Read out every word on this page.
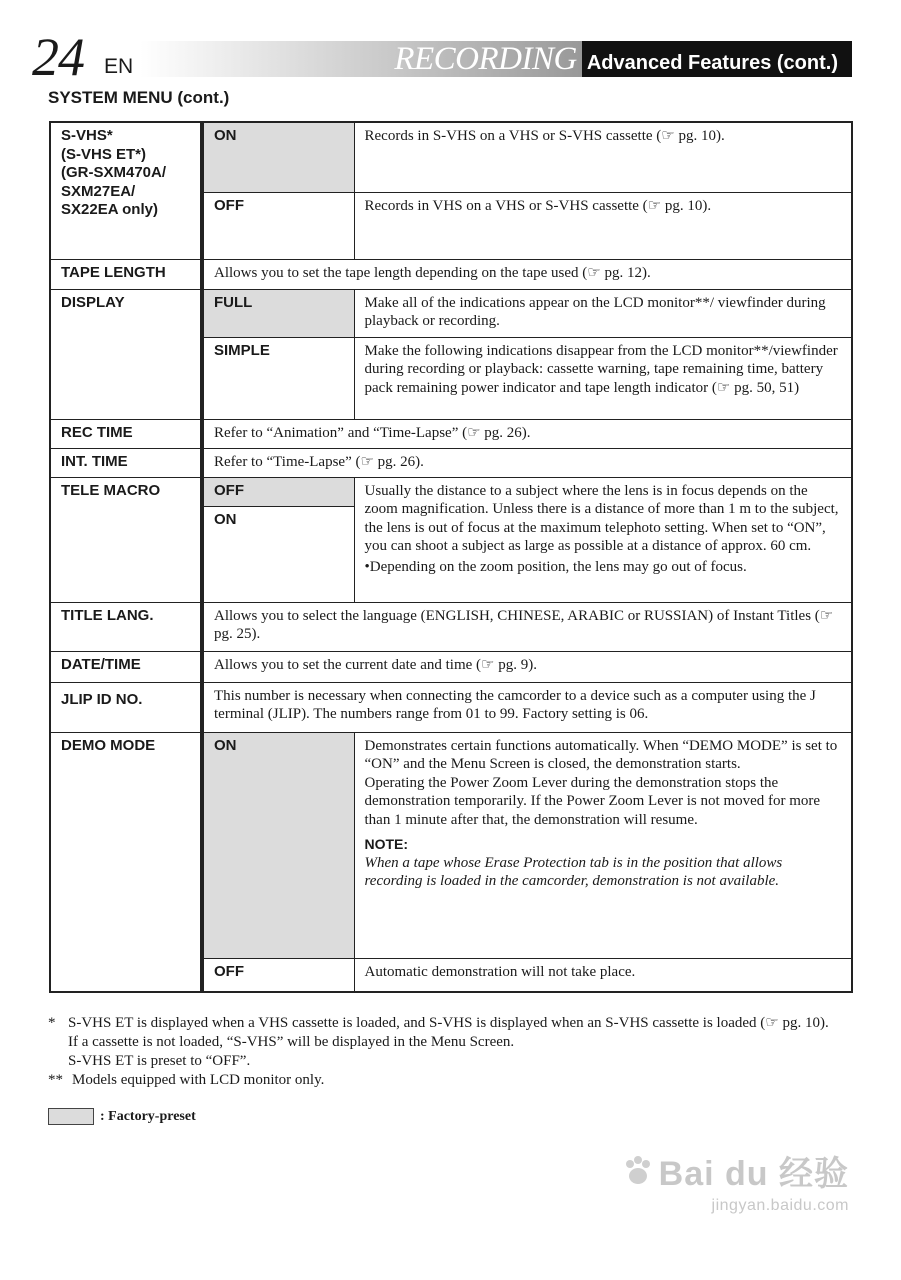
24 EN	RECORDING Advanced Features (cont.)
SYSTEM MENU (cont.)
S-VHS*
(S-VHS ET*)
(GR-SXM470A/
SXM27EA/
SX22EA only)	ON	Records in S-VHS on a VHS or S-VHS cassette (☞ pg. 10).
	OFF	Records in VHS on a VHS or S-VHS cassette (☞ pg. 10).
TAPE LENGTH	Allows you to set the tape length depending on the tape used (☞ pg. 12).	
DISPLAY	FULL	Make all of the indications appear on the LCD monitor**/ viewfinder during playback or recording.
	SIMPLE	Make the following indications disappear from the LCD monitor**/viewfinder during recording or playback: cassette warning, tape remaining time, battery pack remaining power indicator and tape length indicator (☞ pg. 50, 51)
REC TIME	Refer to “Animation” and “Time-Lapse” (☞ pg. 26).	
INT. TIME	Refer to “Time-Lapse” (☞ pg. 26).	
TELE MACRO	OFF	Usually the distance to a subject where the lens is in focus depends on the zoom magnification. Unless there is a distance of more than 1 m to the subject, the lens is out of focus at the maximum telephoto setting. When set to “ON”, you can shoot a subject as large as possible at a distance of approx. 60 cm.
•Depending on the zoom position, the lens may go out of focus.

	ON	
TITLE LANG.	Allows you to select the language (ENGLISH, CHINESE, ARABIC or RUSSIAN) of Instant Titles (☞ pg. 25).	
DATE/TIME	Allows you to set the current date and time (☞ pg. 9).	
JLIP ID NO.	This number is necessary when connecting the camcorder to a device such as a computer using the J terminal (JLIP). The numbers range from 01 to 99. Factory setting is 06.	
DEMO MODE	ON	Demonstrates certain functions automatically. When “DEMO MODE” is set to “ON” and the Menu Screen is closed, the demonstration starts.
Operating the Power Zoom Lever during the demonstration stops the demonstration temporarily. If the Power Zoom Lever is not moved for more than 1 minute after that, the demonstration will resume.
NOTE:
When a tape whose Erase Protection tab is in the position that allows recording is loaded in the camcorder, demonstration is not available.

	OFF	Automatic demonstration will not take place.
* S-VHS ET is displayed when a VHS cassette is loaded, and S-VHS is displayed when an S-VHS cassette is loaded (☞ pg. 10). If a cassette is not loaded, “S-VHS” will be displayed in the Menu Screen.
S-VHS ET is preset to “OFF”.
** Models equipped with LCD monitor only.
: Factory-preset
Bai du 经验
jingyan.baidu.com
